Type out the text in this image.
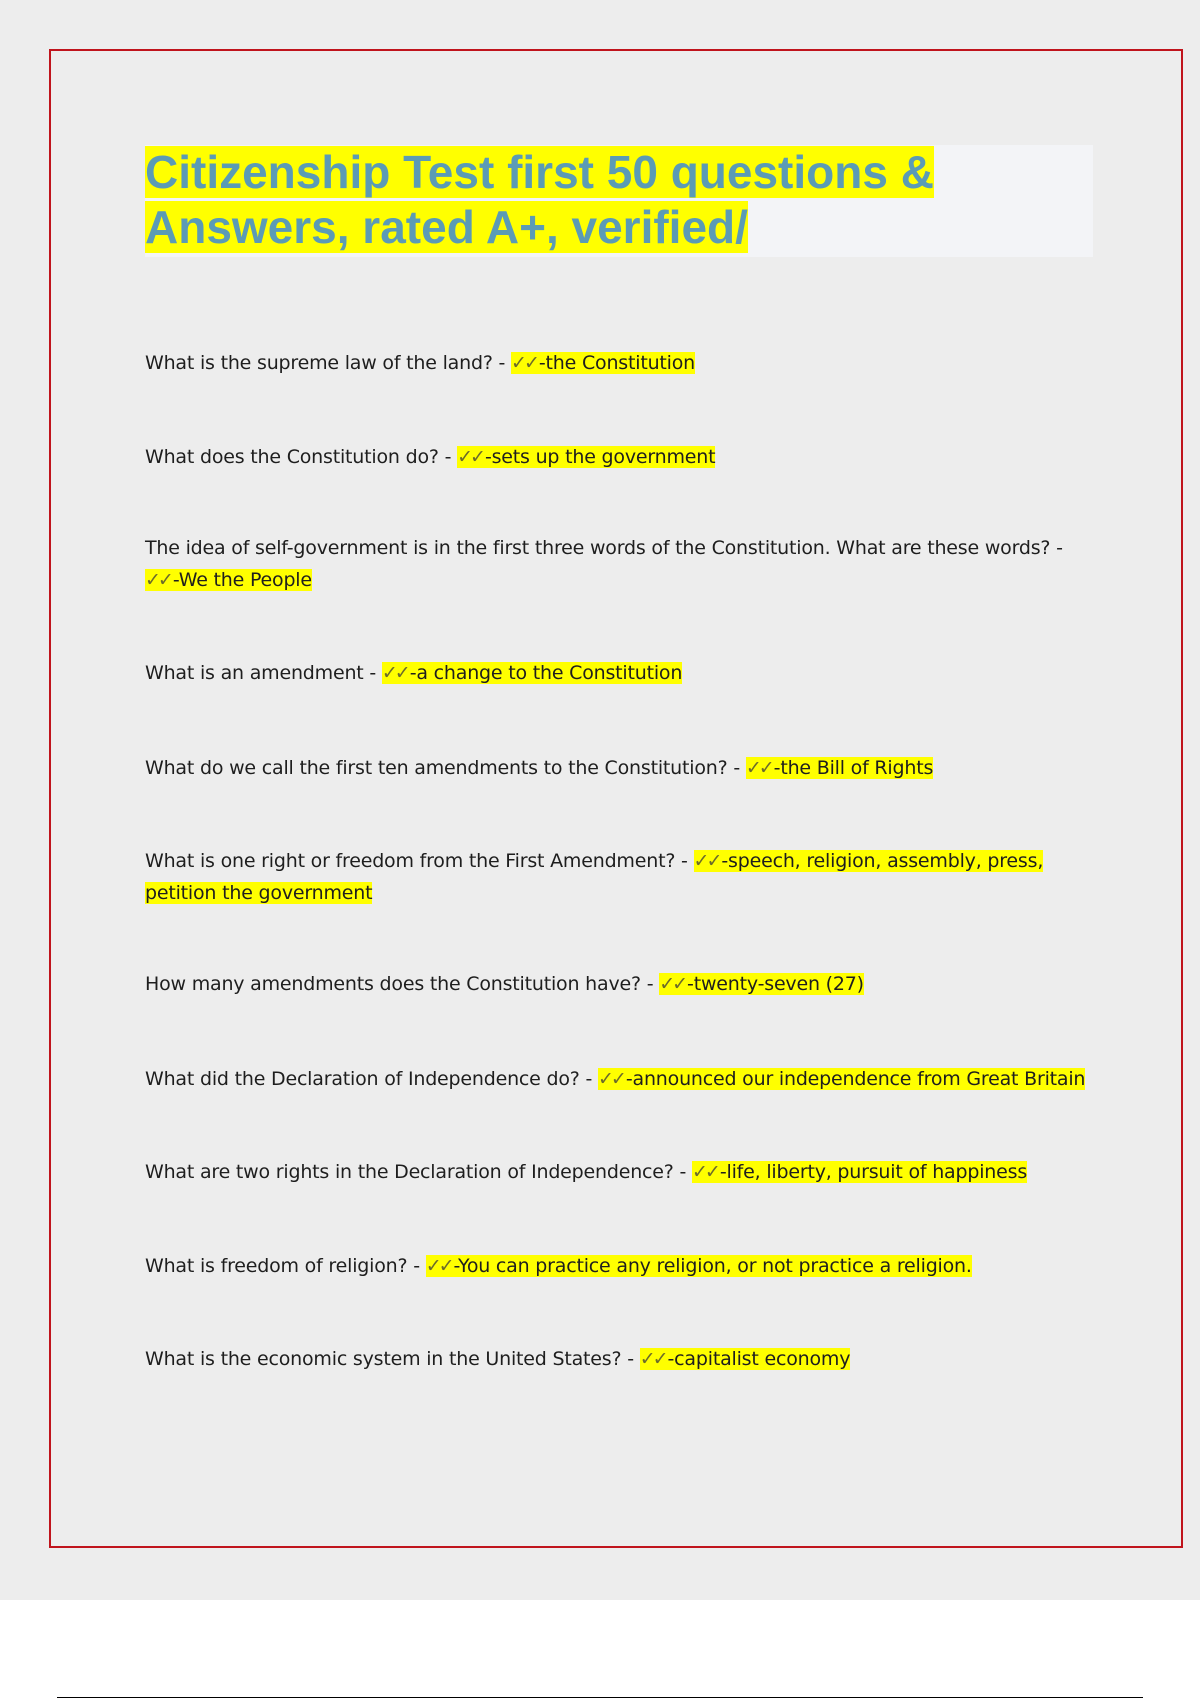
Citizenship Test first 50 questions &
Answers, rated A+, verified/

What is the supreme law of the land? - ✓✓ -the Constitution

What does the Constitution do? - ✓✓ -sets up the government

The idea of self-government is in the first three words of the Constitution. What are these words? - ✓✓ -We the People

What is an amendment - ✓✓ -a change to the Constitution

What do we call the first ten amendments to the Constitution? - ✓✓ -the Bill of Rights

What is one right or freedom from the First Amendment? - ✓✓ -speech, religion, assembly, press, petition the government

How many amendments does the Constitution have? - ✓✓ -twenty-seven (27)

What did the Declaration of Independence do? - ✓✓ -announced our independence from Great Britain

What are two rights in the Declaration of Independence? - ✓✓ -life, liberty, pursuit of happiness

What is freedom of religion? - ✓✓ -You can practice any religion, or not practice a religion.

What is the economic system in the United States? - ✓✓ -capitalist economy
